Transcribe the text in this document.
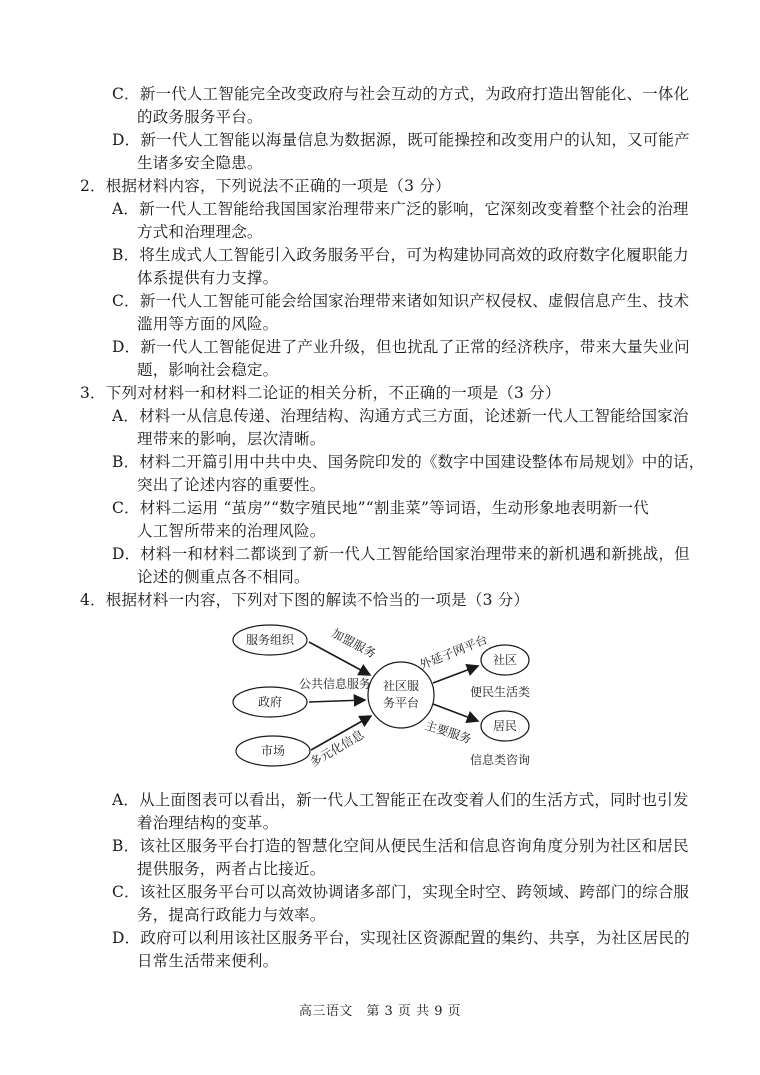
C．新一代人工智能完全改变政府与社会互动的方式，为政府打造出智能化、一体化
的政务服务平台。
D．新一代人工智能以海量信息为数据源，既可能操控和改变用户的认知，又可能产
生诸多安全隐患。
2．根据材料内容，下列说法不正确的一项是（3 分）
A．新一代人工智能给我国国家治理带来广泛的影响，它深刻改变着整个社会的治理
方式和治理理念。
B．将生成式人工智能引入政务服务平台，可为构建协同高效的政府数字化履职能力
体系提供有力支撑。
C．新一代人工智能可能会给国家治理带来诸如知识产权侵权、虚假信息产生、技术
滥用等方面的风险。
D．新一代人工智能促进了产业升级，但也扰乱了正常的经济秩序，带来大量失业问
题，影响社会稳定。
3．下列对材料一和材料二论证的相关分析，不正确的一项是（3 分）
A．材料一从信息传递、治理结构、沟通方式三方面，论述新一代人工智能给国家治
理带来的影响，层次清晰。
B．材料二开篇引用中共中央、国务院印发的《数字中国建设整体布局规划》中的话，
突出了论述内容的重要性。
C．材料二运用 “茧房”“数字殖民地”“割韭菜”等词语，生动形象地表明新一代
人工智所带来的治理风险。
D．材料一和材料二都谈到了新一代人工智能给国家治理带来的新机遇和新挑战，但
论述的侧重点各不相同。
4．根据材料一内容，下列对下图的解读不恰当的一项是（3 分）
服务组织
政府
市场
社区服
务平台
社区
居民
加盟服务
公共信息服务
多元化信息
外延子网平台
主要服务
便民生活类
信息类咨询
A．从上面图表可以看出，新一代人工智能正在改变着人们的生活方式，同时也引发
着治理结构的变革。
B．该社区服务平台打造的智慧化空间从便民生活和信息咨询角度分别为社区和居民
提供服务，两者占比接近。
C．该社区服务平台可以高效协调诸多部门，实现全时空、跨领域、跨部门的综合服
务，提高行政能力与效率。
D．政府可以利用该社区服务平台，实现社区资源配置的集约、共享，为社区居民的
日常生活带来便利。
高三语文　第 3 页 共 9 页
